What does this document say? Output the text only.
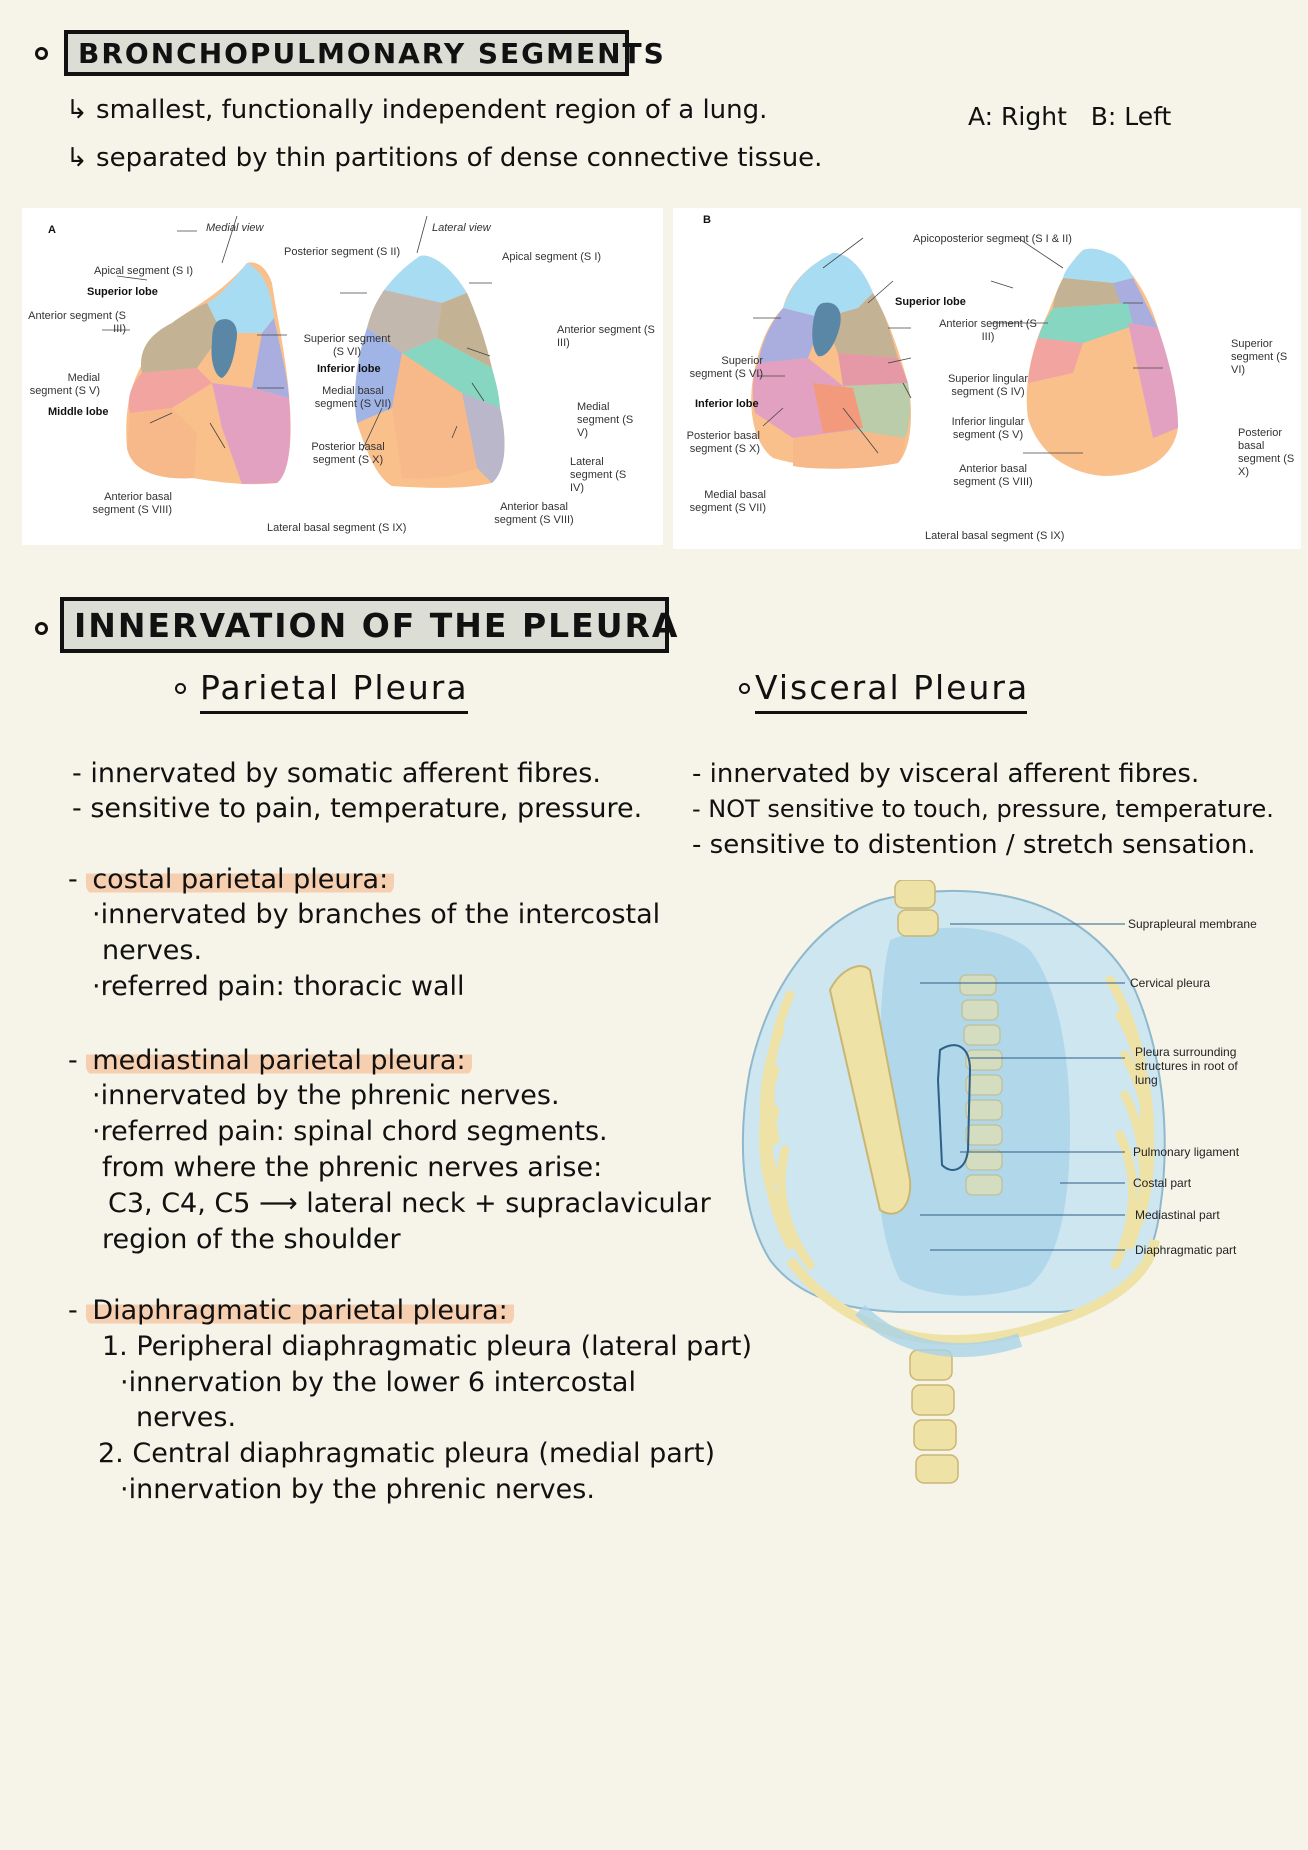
BRONCHOPULMONARY SEGMENTS
↳ smallest, functionally independent region of a lung.
↳ separated by thin partitions of dense connective tissue.
A: Right   B: Left
A	Medial view	Lateral view
Apical segment (S I)
Superior lobe
Anterior segment (S III)
Medial segment (S V)
Middle lobe
Anterior basal segment (S VIII)
Posterior segment (S II)
Superior segment (S VI)
Inferior lobe
Medial basal segment (S VII)
Posterior basal segment (S X)
Lateral basal segment (S IX)
Apical segment (S I)
Anterior segment (S III)
Medial segment (S V)
Lateral segment (S IV)
Anterior basal segment (S VIII)
B
Apicoposterior segment (S I & II)
Superior lobe
Anterior segment (S III)
Superior segment (S VI)
Inferior lobe
Posterior basal segment (S X)
Medial basal segment (S VII)
Superior lingular segment (S IV)
Inferior lingular segment (S V)
Anterior basal segment (S VIII)
Lateral basal segment (S IX)
Superior segment (S VI)
Posterior basal segment (S X)
INNERVATION OF THE PLEURA
Parietal Pleura
- innervated by somatic afferent fibres.
- sensitive to pain, temperature, pressure.
- costal parietal pleura:
·innervated by branches of the intercostal
nerves.
·referred pain: thoracic wall
- mediastinal parietal pleura:
·innervated by the phrenic nerves.
·referred pain: spinal chord segments.
from where the phrenic nerves arise:
C3, C4, C5 ⟶ lateral neck + supraclavicular
region of the shoulder
- Diaphragmatic parietal pleura:
1. Peripheral diaphragmatic pleura (lateral part)
·innervation by the lower 6 intercostal
nerves.
2. Central diaphragmatic pleura (medial part)
·innervation by the phrenic nerves.
Visceral Pleura
- innervated by visceral afferent fibres.
- NOT sensitive to touch, pressure, temperature.
- sensitive to distention / stretch sensation.
Suprapleural membrane
Cervical pleura
Pleura surrounding structures in root of lung
Pulmonary ligament
Costal part
Mediastinal part
Diaphragmatic part
